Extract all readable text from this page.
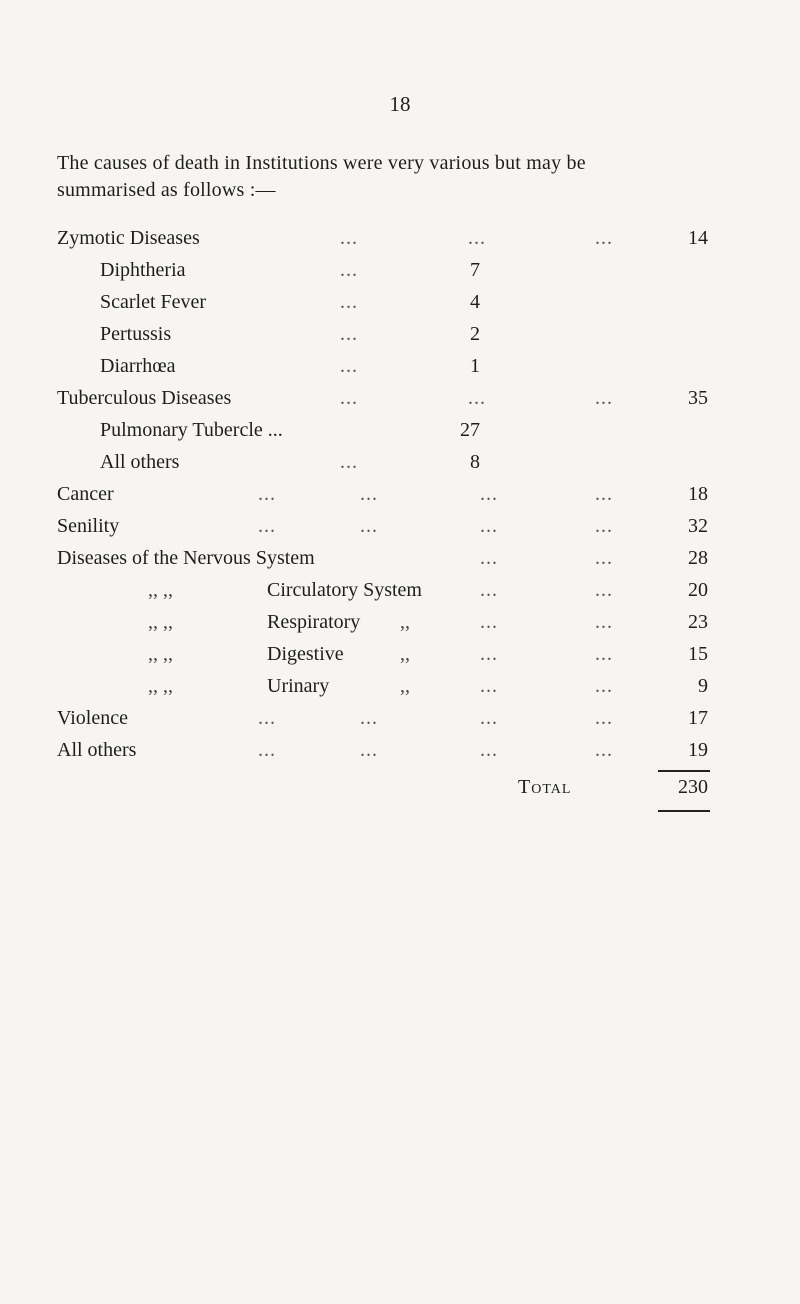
18
The causes of death in Institutions were very various but may be
summarised as follows :—
Zymotic Diseases	...	...	...	14
Diphtheria	...	7
Scarlet Fever	...	4
Pertussis	...	2
Diarrhœa	...	1
Tuberculous Diseases	...	...	...	35
Pulmonary Tubercle ...	27
All others	...	8
Cancer	...	...	...	...	18
Senility	...	...	...	...	32
Diseases of the Nervous System	...	...	28
,, ,,	Circulatory System	...	...	20
,, ,,	Respiratory ,,	...	...	23
,, ,,	Digestive	,,	...	...	15
,, ,,	Urinary	,,	...	...	9
Violence	...	...	...	...	17
All others	...	...	...	...	19
Total	230
